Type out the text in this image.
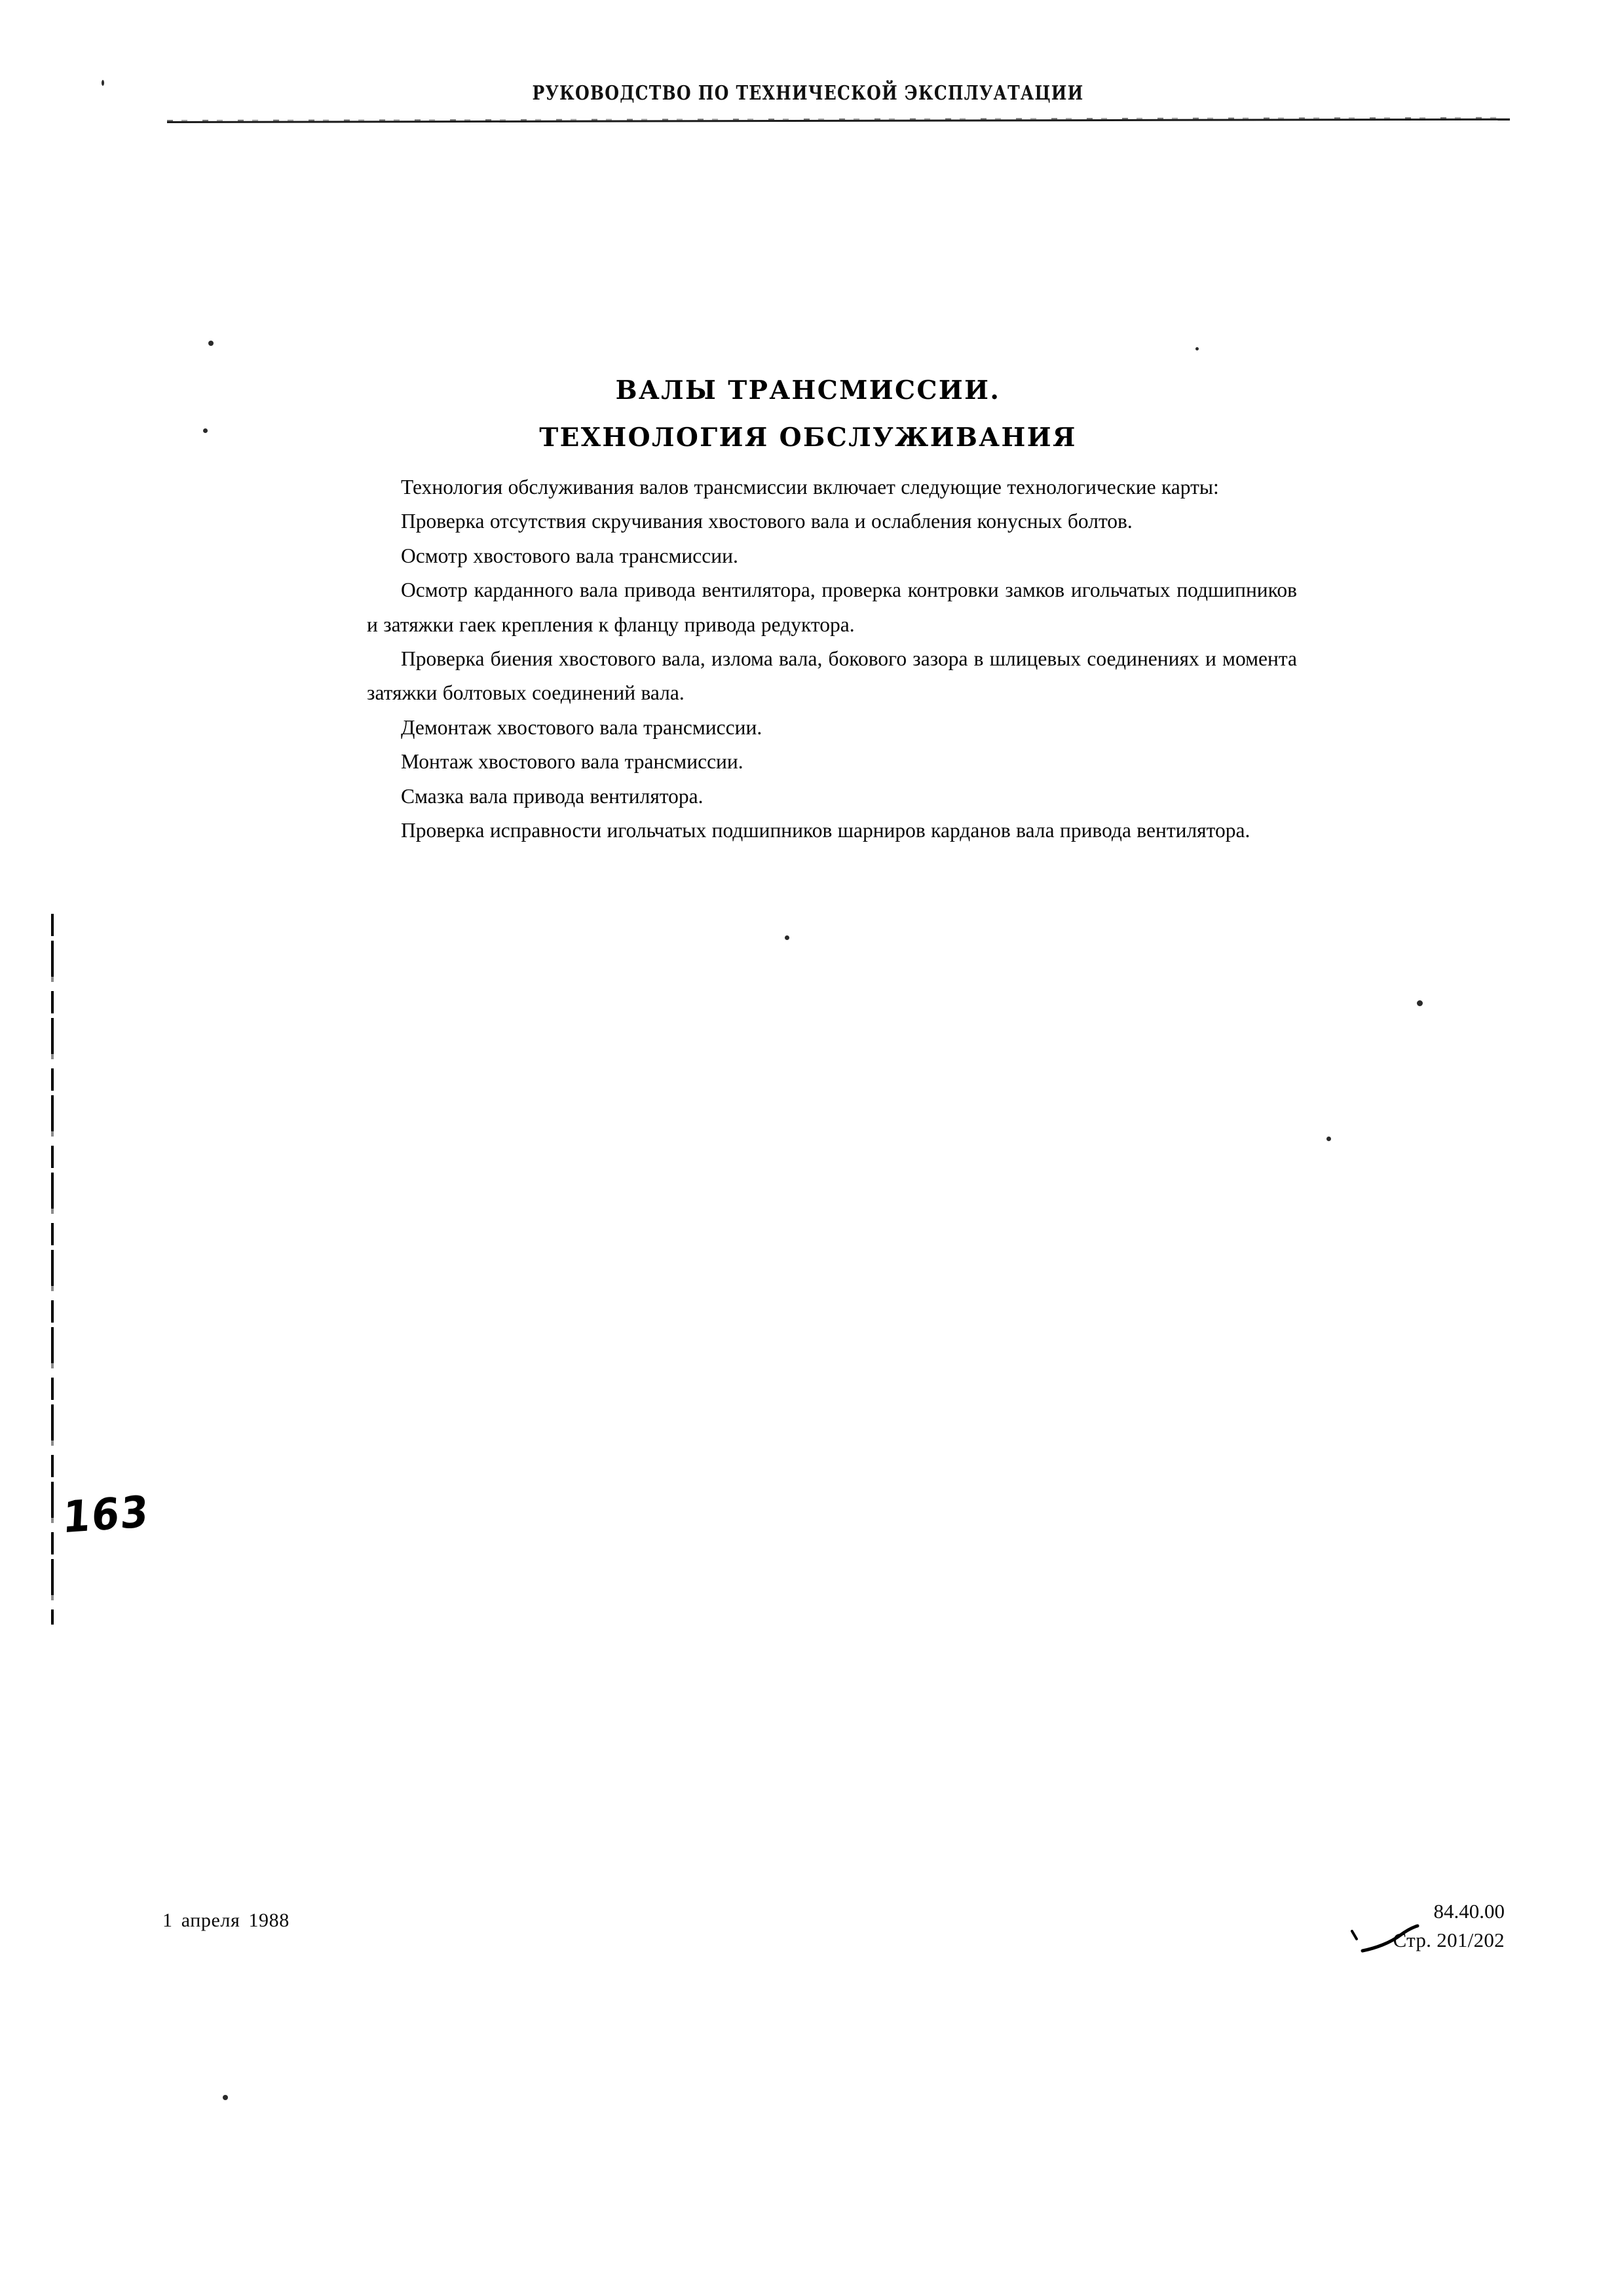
РУКОВОДСТВО ПО ТЕХНИЧЕСКОЙ ЭКСПЛУАТАЦИИ
ВАЛЫ ТРАНСМИССИИ.
ТЕХНОЛОГИЯ ОБСЛУЖИВАНИЯ

Технология обслуживания валов трансмиссии включает следующие технологические карты:

Проверка отсутствия скручивания хвостового вала и ослабления конусных болтов.

Осмотр хвостового вала трансмиссии.

Осмотр карданного вала привода вентилятора, проверка контровки замков игольчатых подшипников и затяжки гаек крепления к фланцу привода редуктора.

Проверка биения хвостового вала, излома вала, бокового зазора в шлицевых соединениях и момента затяжки болтовых соединений вала.

Демонтаж хвостового вала трансмиссии.

Монтаж хвостового вала трансмиссии.

Смазка вала привода вентилятора.

Проверка исправности игольчатых подшипников шарниров карданов вала привода вентилятора.

163
1 апреля 1988	84.40.00
Стр. 201/202
